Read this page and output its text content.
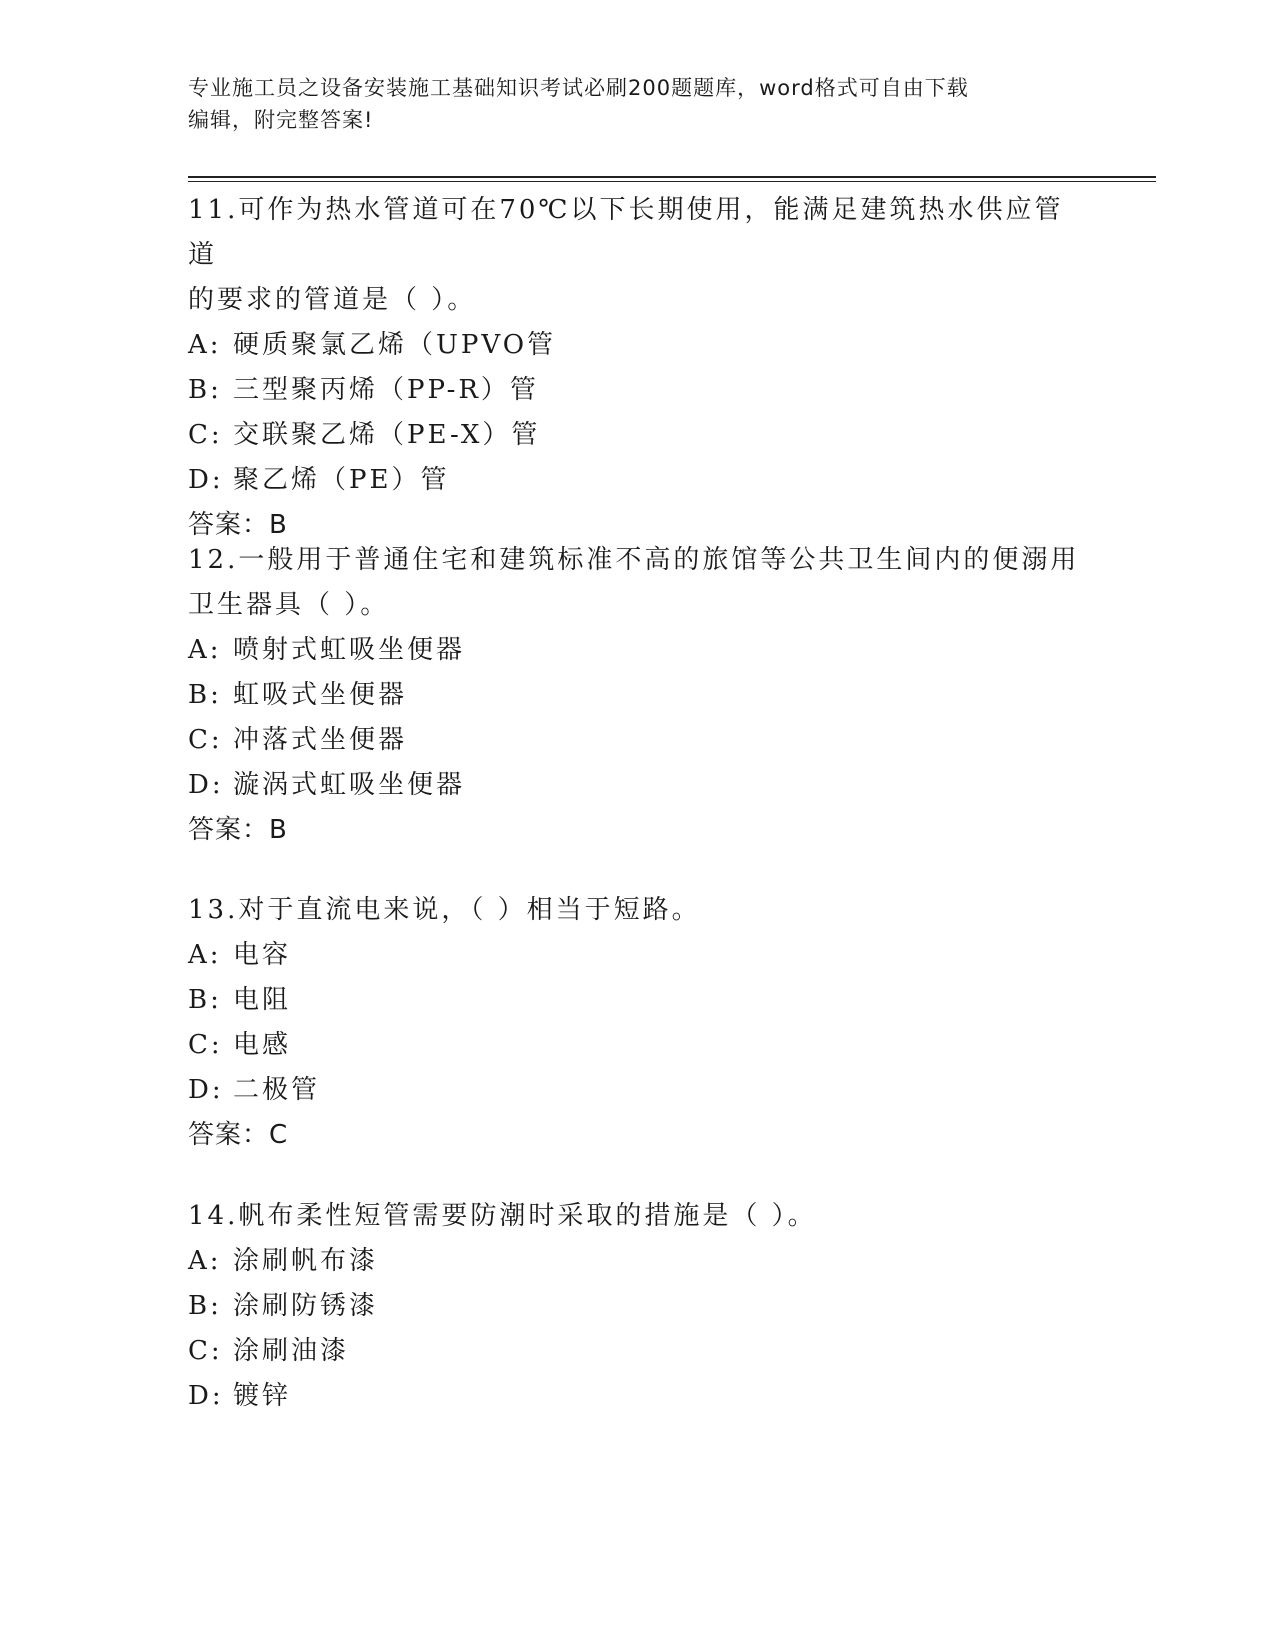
专业施工员之设备安装施工基础知识考试必刷200题题库，word格式可自由下载
编辑，附完整答案!
11.可作为热水管道可在70℃以下长期使用，能满足建筑热水供应管道
的要求的管道是（ ）。
A: 硬质聚氯乙烯（UPVO管
B: 三型聚丙烯（PP-R）管
C: 交联聚乙烯（PE-X）管
D: 聚乙烯（PE）管
答案：B
12.一般用于普通住宅和建筑标准不高的旅馆等公共卫生间内的便溺用
卫生器具（ ）。
A: 喷射式虹吸坐便器
B: 虹吸式坐便器
C: 冲落式坐便器
D: 漩涡式虹吸坐便器
答案：B
13.对于直流电来说，（ ）相当于短路。
A: 电容
B: 电阻
C: 电感
D: 二极管
答案：C
14.帆布柔性短管需要防潮时采取的措施是（ ）。
A: 涂刷帆布漆
B: 涂刷防锈漆
C: 涂刷油漆
D: 镀锌
